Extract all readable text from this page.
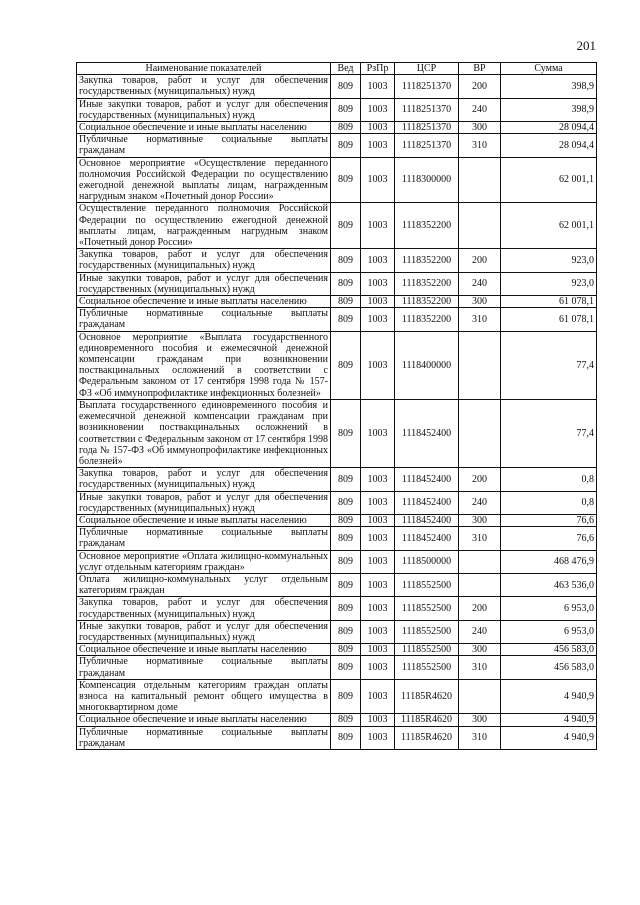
201
Наименование показателей	Вед	РзПр	ЦСР	ВР	Сумма
Закупка товаров, работ и услуг для обеспечения государственных (муниципальных) нужд	809	1003	1118251370	200	398,9
Иные закупки товаров, работ и услуг для обеспечения государственных (муниципальных) нужд	809	1003	1118251370	240	398,9
Социальное обеспечение и иные выплаты населению	809	1003	1118251370	300	28 094,4
Публичные нормативные социальные выплаты гражданам	809	1003	1118251370	310	28 094,4
Основное мероприятие «Осуществление переданного полномочия Российской Федерации по осуществлению ежегодной денежной выплаты лицам, награжденным нагрудным знаком «Почетный донор России»	809	1003	1118300000		62 001,1
Осуществление переданного полномочия Российской Федерации по осуществлению ежегодной денежной выплаты лицам, награжденным нагрудным знаком «Почетный донор России»	809	1003	1118352200		62 001,1
Закупка товаров, работ и услуг для обеспечения государственных (муниципальных) нужд	809	1003	1118352200	200	923,0
Иные закупки товаров, работ и услуг для обеспечения государственных (муниципальных) нужд	809	1003	1118352200	240	923,0
Социальное обеспечение и иные выплаты населению	809	1003	1118352200	300	61 078,1
Публичные нормативные социальные выплаты гражданам	809	1003	1118352200	310	61 078,1
Основное мероприятие «Выплата государственного единовременного пособия и ежемесячной денежной компенсации гражданам при возникновении поствакцинальных осложнений в соответствии с Федеральным законом от 17 сентября 1998 года № 157-ФЗ «Об иммунопрофилактике инфекционных болезней»	809	1003	1118400000		77,4
Выплата государственного единовременного пособия и ежемесячной денежной компенсации гражданам при возникновении поствакцинальных осложнений в соответствии с Федеральным законом от 17 сентября 1998 года № 157-ФЗ «Об иммунопрофилактике инфекционных болезней»	809	1003	1118452400		77,4
Закупка товаров, работ и услуг для обеспечения государственных (муниципальных) нужд	809	1003	1118452400	200	0,8
Иные закупки товаров, работ и услуг для обеспечения государственных (муниципальных) нужд	809	1003	1118452400	240	0,8
Социальное обеспечение и иные выплаты населению	809	1003	1118452400	300	76,6
Публичные нормативные социальные выплаты гражданам	809	1003	1118452400	310	76,6
Основное мероприятие «Оплата жилищно-коммунальных услуг отдельным категориям граждан»	809	1003	1118500000		468 476,9
Оплата жилищно-коммунальных услуг отдельным категориям граждан	809	1003	1118552500		463 536,0
Закупка товаров, работ и услуг для обеспечения государственных (муниципальных) нужд	809	1003	1118552500	200	6 953,0
Иные закупки товаров, работ и услуг для обеспечения государственных (муниципальных) нужд	809	1003	1118552500	240	6 953,0
Социальное обеспечение и иные выплаты населению	809	1003	1118552500	300	456 583,0
Публичные нормативные социальные выплаты гражданам	809	1003	1118552500	310	456 583,0
Компенсация отдельным категориям граждан оплаты взноса на капитальный ремонт общего имущества в многоквартирном доме	809	1003	11185R4620		4 940,9
Социальное обеспечение и иные выплаты населению	809	1003	11185R4620	300	4 940,9
Публичные нормативные социальные выплаты гражданам	809	1003	11185R4620	310	4 940,9
